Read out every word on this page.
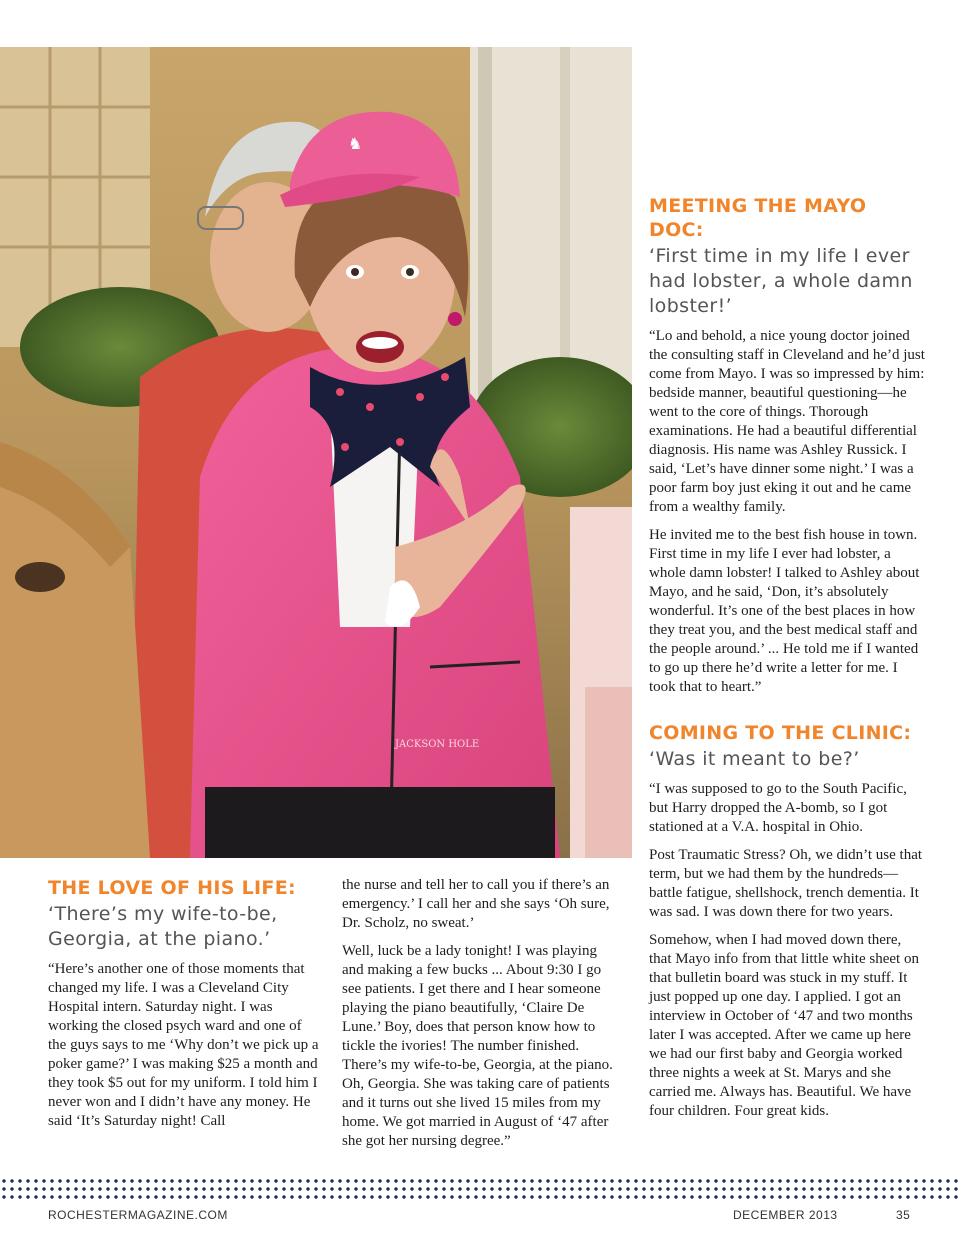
JACKSON HOLE
♞
MEETING THE MAYO DOC:
‘First time in my life I ever had lobster, a whole damn lobster!’

“Lo and behold, a nice young doctor joined the consulting staff in Cleveland and he’d just come from Mayo. I was so impressed by him: bedside manner, beautiful questioning—he went to the core of things. Thorough examinations. He had a beautiful differential diagnosis. His name was Ashley Russick. I said, ‘Let’s have dinner some night.’ I was a poor farm boy just eking it out and he came from a wealthy family.

He invited me to the best fish house in town. First time in my life I ever had lobster, a whole damn lobster! I talked to Ashley about Mayo, and he said, ‘Don, it’s absolutely wonderful. It’s one of the best places in how they treat you, and the best medical staff and the people around.’ ... He told me if I wanted to go up there he’d write a letter for me. I took that to heart.”

COMING TO THE CLINIC:
‘Was it meant to be?’

“I was supposed to go to the South Pacific, but Harry dropped the A-bomb, so I got stationed at a V.A. hospital in Ohio.

Post Traumatic Stress? Oh, we didn’t use that term, but we had them by the hundreds—battle fatigue, shellshock, trench dementia. It was sad. I was down there for two years.

Somehow, when I had moved down there, that Mayo info from that little white sheet on that bulletin board was stuck in my stuff. It just popped up one day. I applied. I got an interview in October of ‘47 and two months later I was accepted. After we came up here we had our first baby and Georgia worked three nights a week at St. Marys and she carried me. Always has. Beautiful. We have four children. Four great kids.

THE LOVE OF HIS LIFE:
‘There’s my wife-to-be, Georgia, at the piano.’

“Here’s another one of those moments that changed my life. I was a Cleveland City Hospital intern. Saturday night. I was working the closed psych ward and one of the guys says to me ‘Why don’t we pick up a poker game?’ I was making $25 a month and they took $5 out for my uniform. I told him I never won and I didn’t have any money. He said ‘It’s Saturday night! Call

the nurse and tell her to call you if there’s an emergency.’ I call her and she says ‘Oh sure, Dr. Scholz, no sweat.’

Well, luck be a lady tonight! I was playing and making a few bucks ... About 9:30 I go see patients. I get there and I hear someone playing the piano beautifully, ‘Claire De Lune.’ Boy, does that person know how to tickle the ivories! The number finished. There’s my wife-to-be, Georgia, at the piano. Oh, Georgia. She was taking care of patients and it turns out she lived 15 miles from my home. We got married in August of ‘47 after she got her nursing degree.”

ROCHESTERMAGAZINE.COM	DECEMBER 2013	35
